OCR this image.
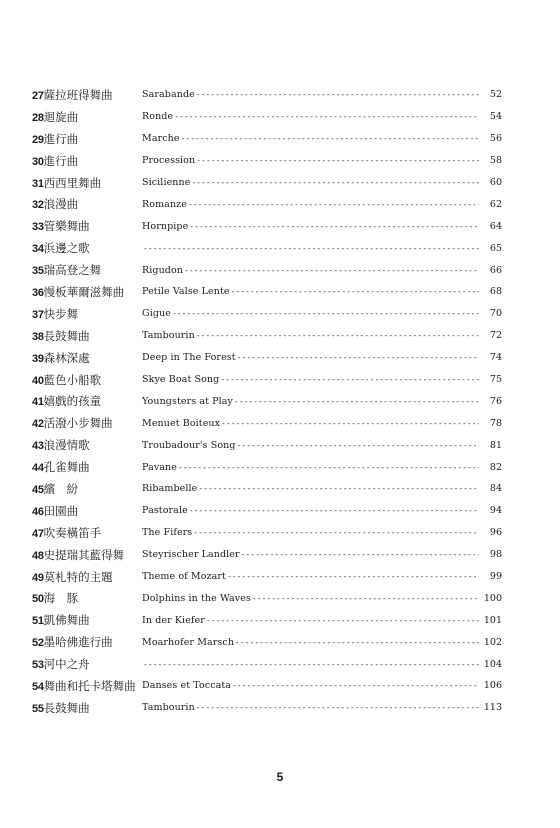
27 薩拉班得舞曲	Sarabande -----	52
28 迴旋曲	Ronde -----	54
29 進行曲	Marche -----	56
30 進行曲	Procession -----	58
31 西西里舞曲	Sicilienne -----	60
32 浪漫曲	Romanze -----	62
33 管樂舞曲	Hornpipe -----	64
34 浜邊之歌 -----	65
35 瑞高登之舞	Rigudon -----	66
36 慢板華爾滋舞曲 Petile Valse Lente -----	68
37 快步舞	Gigue -----	70
38 長鼓舞曲	Tambourin -----	72
39 森林深處	Deep in The Forest -----	74
40 藍色小船歌	Skye Boat Song -----	75
41 嬉戲的孩童	Youngsters at Play -----	76
42 活潑小步舞曲	Menuet Boiteux -----	78
43 浪漫情歌	Troubadour's Song -----	81
44 孔雀舞曲	Pavane -----	82
45 繽　紛	Ribambelle -----	84
46 田園曲	Pastorale -----	94
47 吹奏橫笛手	The Fifers -----	96
48 史提瑞其藍得舞 Steyrischer Landler -----	98
49 莫札特的主題	Theme of Mozart -----	99
50 海　豚	Dolphins in the Waves -----	100
51 凱佛舞曲	In der Kiefer -----	101
52 墨哈佛進行曲	Moarhofer Marsch -----	102
53 河中之舟 -----	104
54 舞曲和托卡塔舞曲 Danses et Toccata -----	106
55 長鼓舞曲	Tambourin -----	113
5
